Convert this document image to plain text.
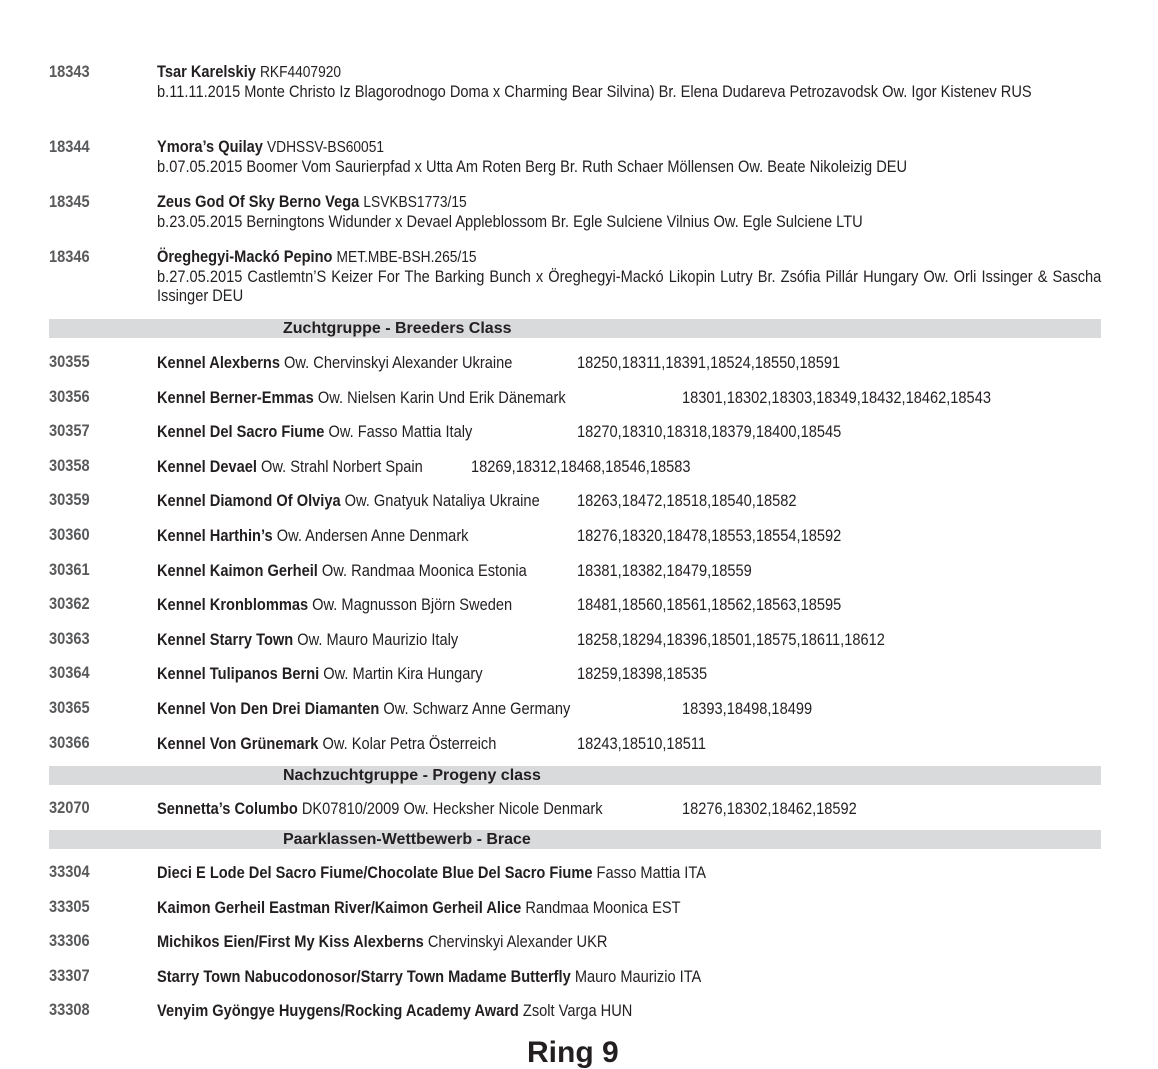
18343	Tsar Karelskiy RKF4407920
b.11.11.2015 Monte Christo Iz Blagorodnogo Doma x Charming Bear Silvina) Br. Elena Dudareva Petrozavodsk Ow. Igor Kistenev RUS
18344	Ymora’s Quilay VDHSSV-BS60051
b.07.05.2015 Boomer Vom Saurierpfad x Utta Am Roten Berg Br. Ruth Schaer Möllensen Ow. Beate Nikoleizig DEU
18345	Zeus God Of Sky Berno Vega LSVKBS1773/15
b.23.05.2015 Berningtons Widunder x Devael Appleblossom Br. Egle Sulciene Vilnius Ow. Egle Sulciene LTU
18346	Öreghegyi-Mackó Pepino MET.MBE-BSH.265/15
b.27.05.2015 Castlemtn’S Keizer For The Barking Bunch x Öreghegyi-Mackó Likopin Lutry Br. Zsófia Pillár Hungary Ow. Orli Issinger & Sascha Issinger DEU
Zuchtgruppe - Breeders Class
30355	Kennel Alexberns Ow. Chervinskyi Alexander Ukraine	18250,18311,18391,18524,18550,18591
30356	Kennel Berner-Emmas Ow. Nielsen Karin Und Erik Dänemark	18301,18302,18303,18349,18432,18462,18543
30357	Kennel Del Sacro Fiume Ow. Fasso Mattia Italy	18270,18310,18318,18379,18400,18545
30358	Kennel Devael Ow. Strahl Norbert Spain	18269,18312,18468,18546,18583
30359	Kennel Diamond Of Olviya Ow. Gnatyuk Nataliya Ukraine 18263,18472,18518,18540,18582
30360	Kennel Harthin’s Ow. Andersen Anne Denmark	18276,18320,18478,18553,18554,18592
30361	Kennel Kaimon Gerheil Ow. Randmaa Moonica Estonia	18381,18382,18479,18559
30362	Kennel Kronblommas Ow. Magnusson Björn Sweden	18481,18560,18561,18562,18563,18595
30363	Kennel Starry Town Ow. Mauro Maurizio Italy	18258,18294,18396,18501,18575,18611,18612
30364	Kennel Tulipanos Berni Ow. Martin Kira Hungary	18259,18398,18535
30365	Kennel Von Den Drei Diamanten Ow. Schwarz Anne Germany	18393,18498,18499
30366	Kennel Von Grünemark Ow. Kolar Petra Österreich	18243,18510,18511
Nachzuchtgruppe - Progeny class
32070	Sennetta’s Columbo DK07810/2009 Ow. Hecksher Nicole Denmark	18276,18302,18462,18592
Paarklassen-Wettbewerb - Brace
33304	Dieci E Lode Del Sacro Fiume/Chocolate Blue Del Sacro Fiume Fasso Mattia ITA
33305	Kaimon Gerheil Eastman River/Kaimon Gerheil Alice Randmaa Moonica EST
33306	Michikos Eien/First My Kiss Alexberns Chervinskyi Alexander UKR
33307	Starry Town Nabucodonosor/Starry Town Madame Butterfly Mauro Maurizio ITA
33308	Venyim Gyöngye Huygens/Rocking Academy Award Zsolt Varga HUN
Ring 9
